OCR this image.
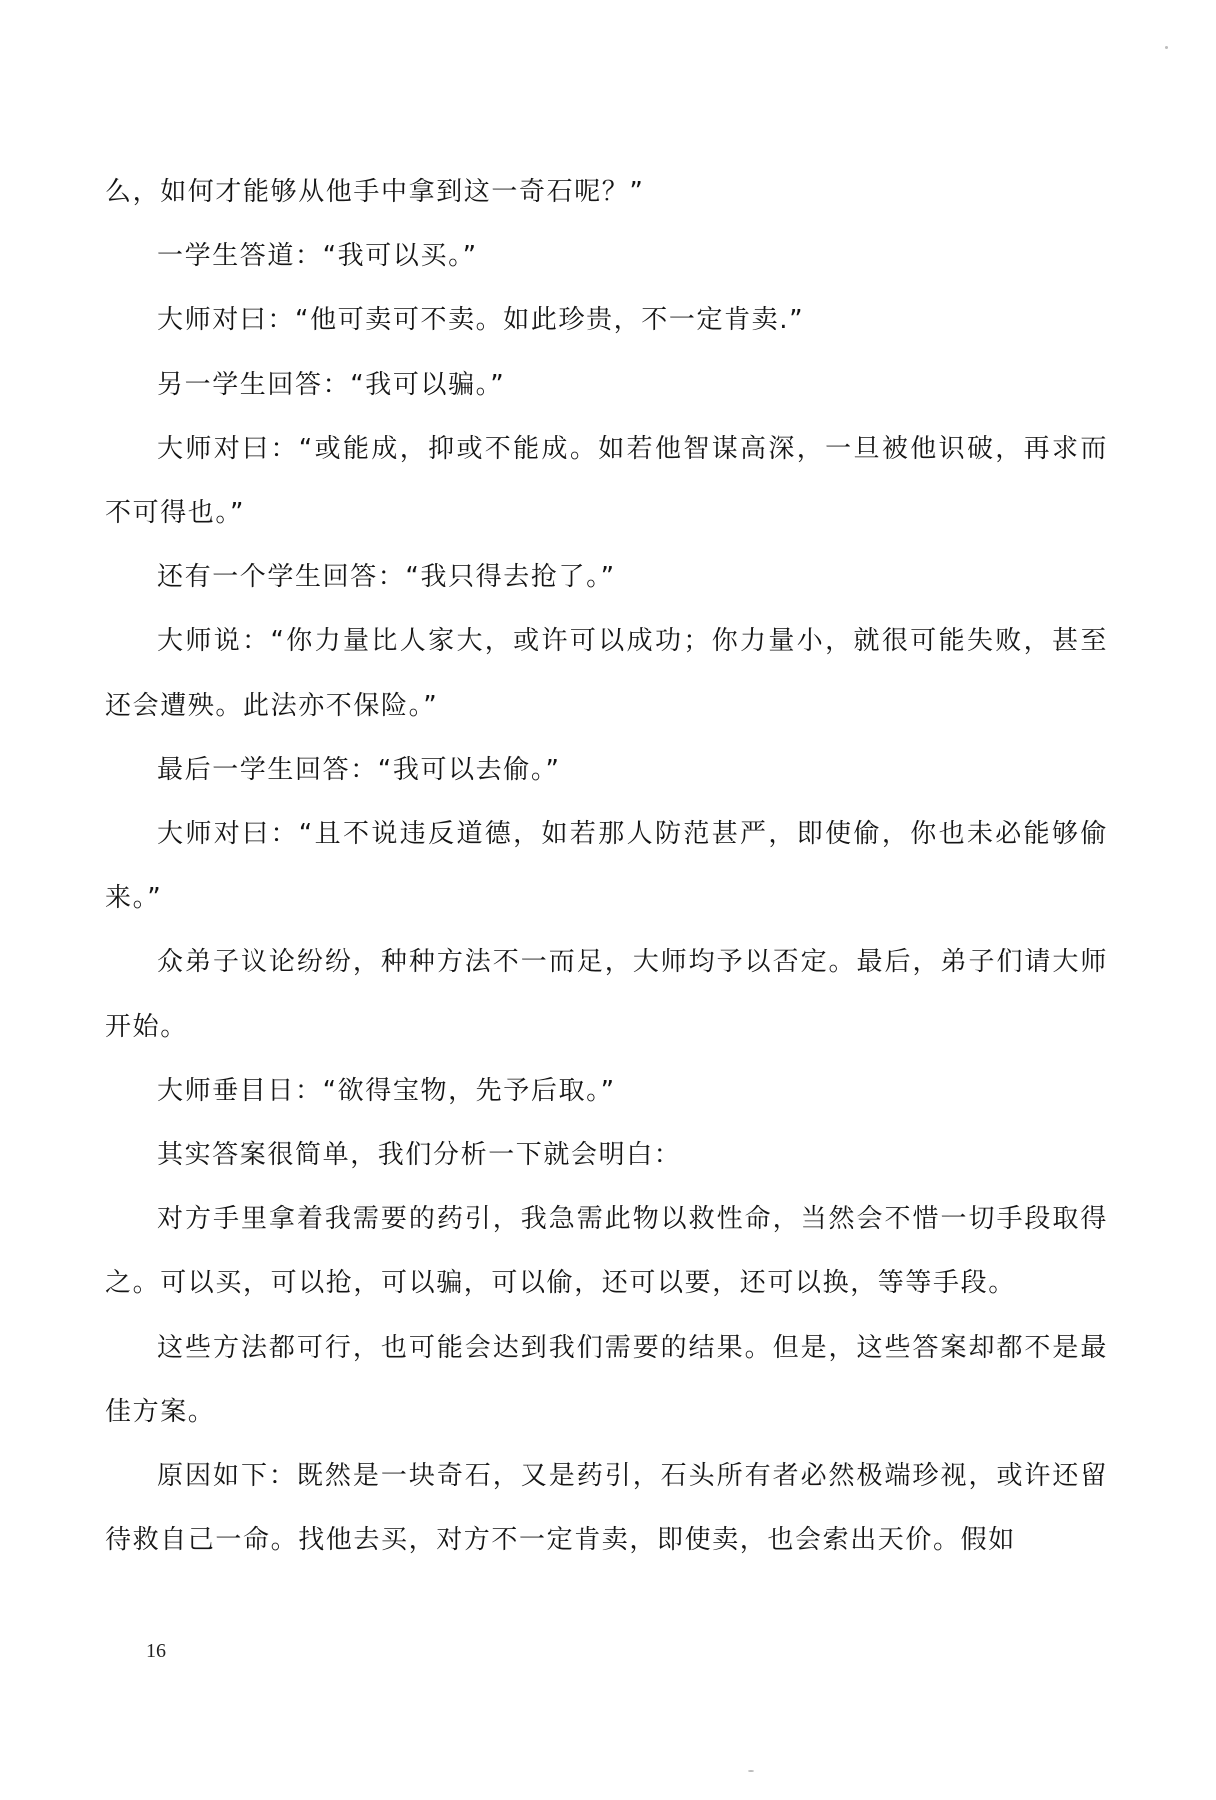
么，如何才能够从他手中拿到这一奇石呢？”

一学生答道：“我可以买。”

大师对曰：“他可卖可不卖。如此珍贵，不一定肯卖.”

另一学生回答：“我可以骗。”

大师对曰：“或能成，抑或不能成。如若他智谋高深，一旦被他识破，再求而不可得也。”

还有一个学生回答：“我只得去抢了。”

大师说：“你力量比人家大，或许可以成功；你力量小，就很可能失败，甚至还会遭殃。此法亦不保险。”

最后一学生回答：“我可以去偷。”

大师对曰：“且不说违反道德，如若那人防范甚严，即使偷，你也未必能够偷来。”

众弟子议论纷纷，种种方法不一而足，大师均予以否定。最后，弟子们请大师开始。

大师垂目日：“欲得宝物，先予后取。”

其实答案很简单，我们分析一下就会明白：

对方手里拿着我需要的药引，我急需此物以救性命，当然会不惜一切手段取得之。可以买，可以抢，可以骗，可以偷，还可以要，还可以换，等等手段。

这些方法都可行，也可能会达到我们需要的结果。但是，这些答案却都不是最佳方案。

原因如下：既然是一块奇石，又是药引，石头所有者必然极端珍视，或许还留待救自己一命。找他去买，对方不一定肯卖，即使卖，也会索出天价。假如

16
